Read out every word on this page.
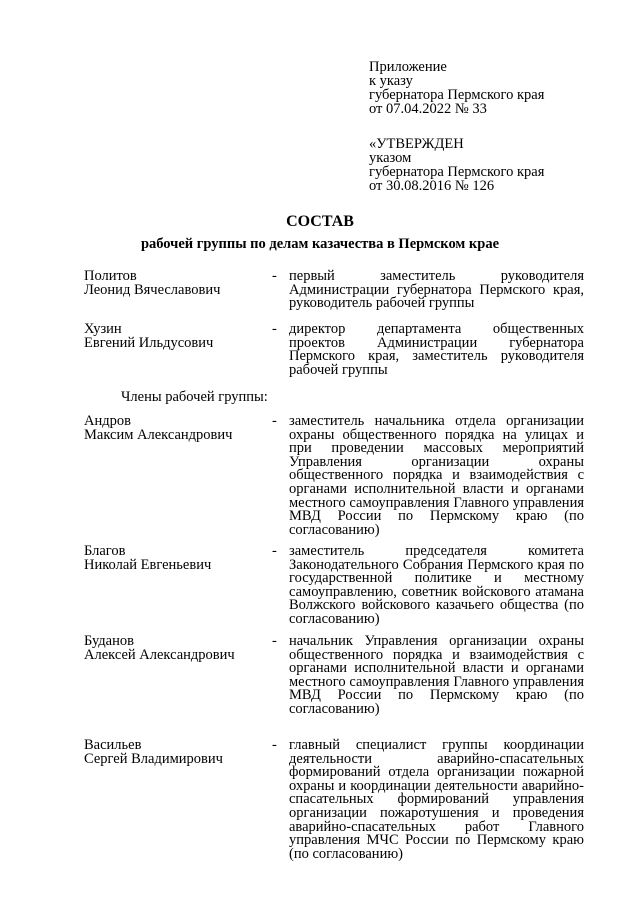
Приложение
к указу
губернатора Пермского края
от 07.04.2022 № 33
«УТВЕРЖДЕН
указом
губернатора Пермского края
от 30.08.2016 № 126
СОСТАВ
рабочей группы по делам казачества в Пермском крае
Политов
Леонид Вячеславович
- первый заместитель руководителя Администрации губернатора Пермского края, руководитель рабочей группы
Хузин
Евгений Ильдусович
- директор департамента общественных проектов Администрации губернатора Пермского края, заместитель руководителя рабочей группы
Члены рабочей группы:
Андров
Максим Александрович
- заместитель начальника отдела организации охраны общественного порядка на улицах и при проведении массовых мероприятий Управления организации охраны общественного порядка и взаимодействия с органами исполнительной власти и органами местного самоуправления Главного управления МВД России по Пермскому краю (по согласованию)
Благов
Николай Евгеньевич
- заместитель председателя комитета Законодательного Собрания Пермского края по государственной политике и местному самоуправлению, советник войскового атамана Волжского войскового казачьего общества (по согласованию)
Буданов
Алексей Александрович
- начальник Управления организации охраны общественного порядка и взаимодействия с органами исполнительной власти и органами местного самоуправления Главного управления МВД России по Пермскому краю (по согласованию)
Васильев
Сергей Владимирович
- главный специалист группы координации деятельности аварийно-спасательных формирований отдела организации пожарной охраны и координации деятельности аварийно-спасательных формирований управления организации пожаротушения и проведения аварийно-спасательных работ Главного управления МЧС России по Пермскому краю (по согласованию)
